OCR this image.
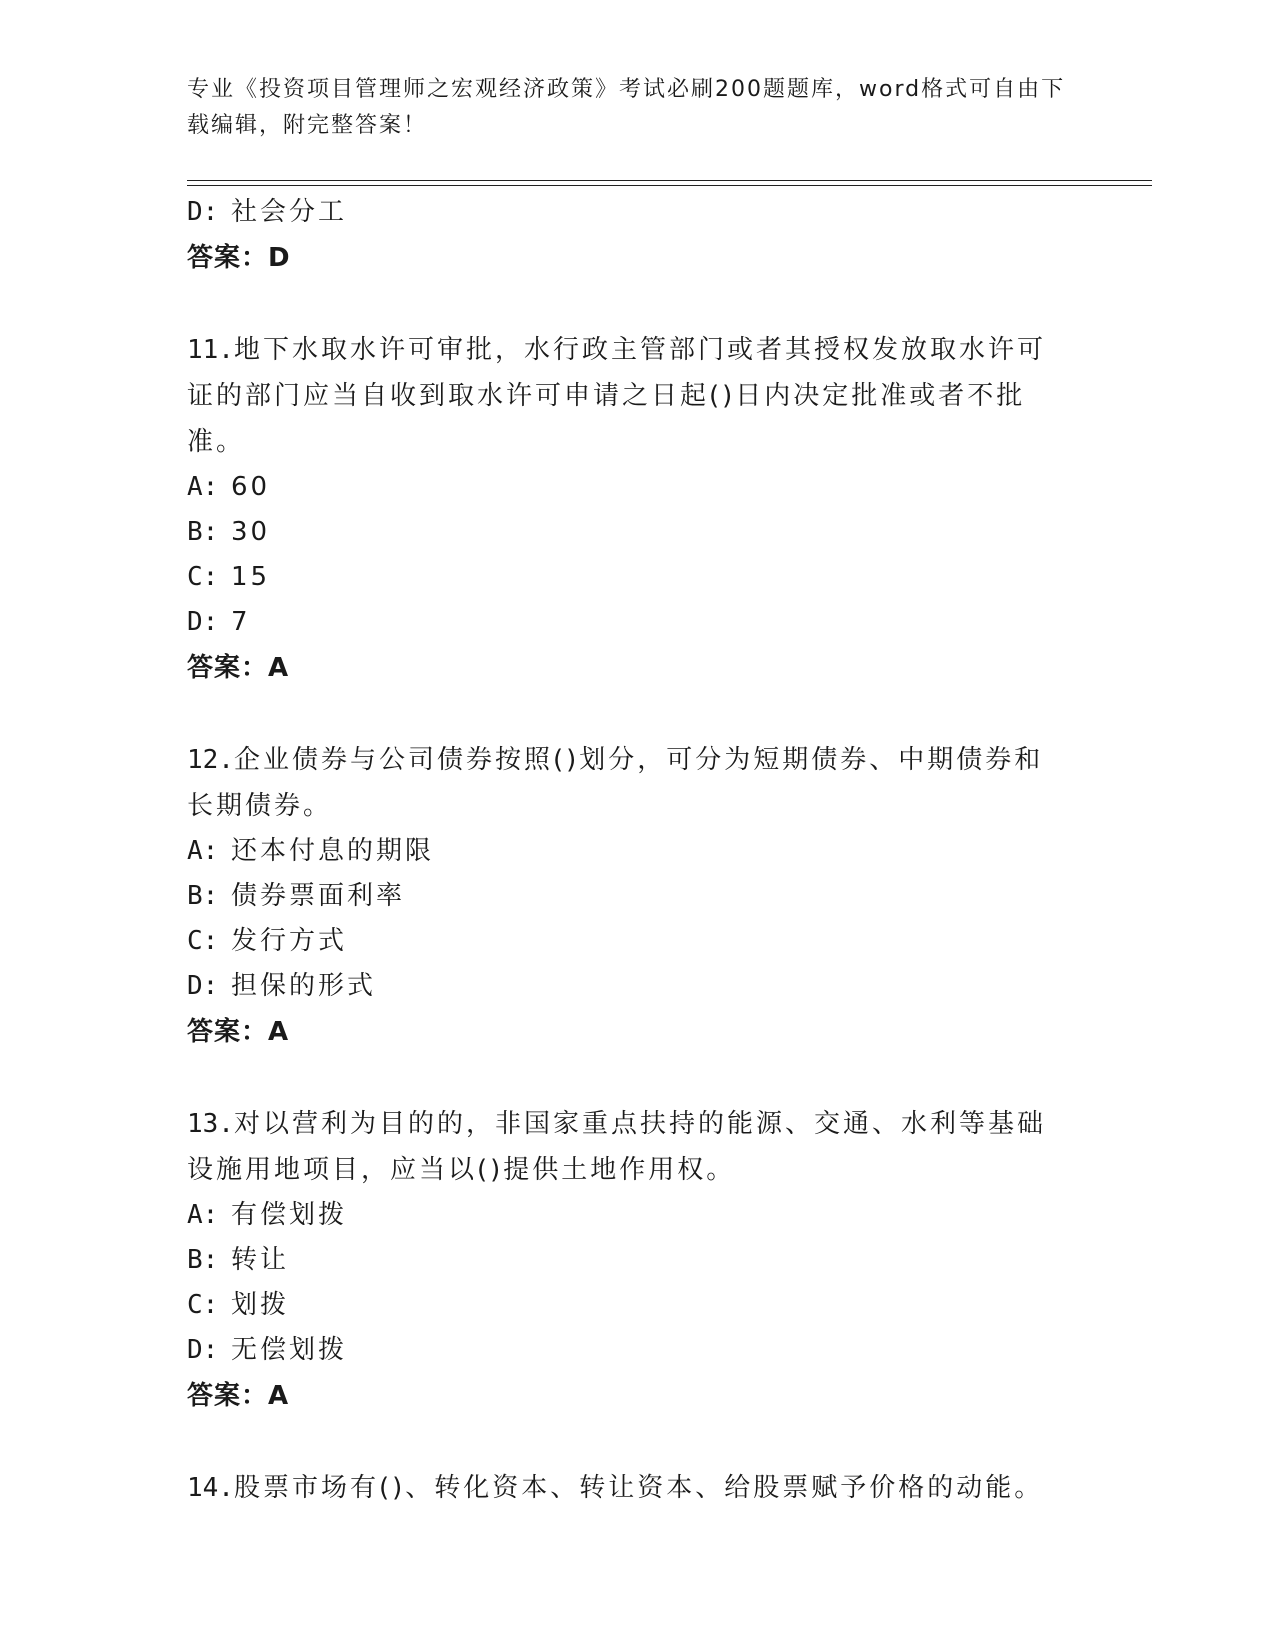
专业《投资项目管理师之宏观经济政策》考试必刷200题题库，word格式可自由下载编辑，附完整答案！
D: 社会分工
答案：D
11.地下水取水许可审批，水行政主管部门或者其授权发放取水许可证的部门应当自收到取水许可申请之日起()日内决定批准或者不批准。
A: 60
B: 30
C: 15
D: 7
答案：A
12.企业债券与公司债券按照()划分，可分为短期债券、中期债券和长期债券。
A: 还本付息的期限
B: 债券票面利率
C: 发行方式
D: 担保的形式
答案：A
13.对以营利为目的的，非国家重点扶持的能源、交通、水利等基础设施用地项目，应当以()提供土地作用权。
A: 有偿划拨
B: 转让
C: 划拨
D: 无偿划拨
答案：A
14.股票市场有()、转化资本、转让资本、给股票赋予价格的动能。
